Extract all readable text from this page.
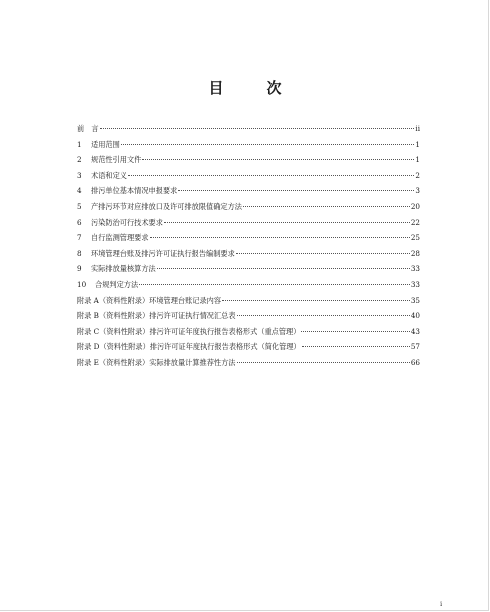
目　次
前　言	ii
1	适用范围	1
2	规范性引用文件	1
3	术语和定义	2
4	排污单位基本情况申报要求	3
5	产排污环节对应排放口及许可排放限值确定方法	20
6	污染防治可行技术要求	22
7	自行监测管理要求	25
8	环境管理台账及排污许可证执行报告编制要求	28
9	实际排放量核算方法	33
10	合规判定方法	33
附录 A （资料性附录）环境管理台账记录内容	35
附录 B （资料性附录）排污许可证执行情况汇总表	40
附录 C （资料性附录）排污许可证年度执行报告表格形式（重点管理）	43
附录 D （资料性附录）排污许可证年度执行报告表格形式（简化管理）	57
附录 E （资料性附录）实际排放量计算推荐性方法	66
i
